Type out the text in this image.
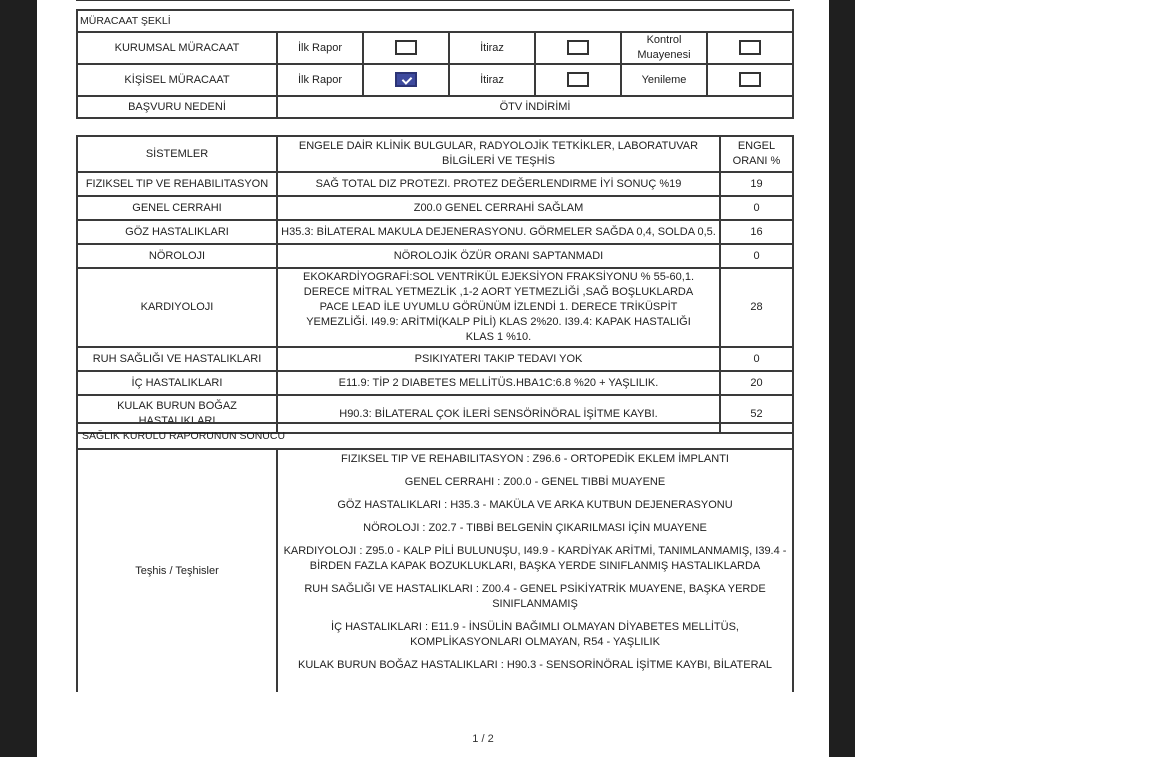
MÜRACAAT ŞEKLİ						
KURUMSAL MÜRACAAT	İlk Rapor		İtiraz		Kontrol Muayenesi	
KİŞİSEL MÜRACAAT	İlk Rapor		İtiraz		Yenileme	
BAŞVURU NEDENİ	ÖTV İNDİRİMİ					
SİSTEMLER	ENGELE DAİR KLİNİK BULGULAR, RADYOLOJİK TETKİKLER, LABORATUVAR BİLGİLERİ VE TEŞHİS	ENGEL ORANI %
FIZIKSEL TIP VE REHABILITASYON	SAĞ TOTAL DIZ PROTEZI. PROTEZ DEĞERLENDIRME İYİ SONUÇ %19	19
GENEL CERRAHI	Z00.0 GENEL CERRAHİ SAĞLAM	0
GÖZ HASTALIKLARI	H35.3: BİLATERAL MAKULA DEJENERASYONU. GÖRMELER SAĞDA 0,4, SOLDA 0,5.	16
NÖROLOJI	NÖROLOJİK ÖZÜR ORANI SAPTANMADI	0
KARDIYOLOJI	EKOKARDİYOGRAFİ:SOL VENTRİKÜL EJEKSİYON FRAKSİYONU % 55-60,1. DERECE MİTRAL YETMEZLİK ,1-2 AORT YETMEZLİĞİ ,SAĞ BOŞLUKLARDA PACE LEAD İLE UYUMLU GÖRÜNÜM İZLENDİ 1. DERECE TRİKÜSPİT YEMEZLİĞİ. I49.9: ARİTMİ(KALP PİLİ) KLAS 2%20. I39.4: KAPAK HASTALIĞI KLAS 1 %10.	28
RUH SAĞLIĞI VE HASTALIKLARI	PSIKIYATERI TAKIP TEDAVI YOK	0
İÇ HASTALIKLARI	E11.9: TİP 2 DIABETES MELLİTÜS.HBA1C:6.8 %20 + YAŞLILIK.	20
KULAK BURUN BOĞAZ HASTALIKLARI	H90.3: BİLATERAL ÇOK İLERİ SENSÖRİNÖRAL İŞİTME KAYBI.	52
SAĞLIK KURULU RAPORUNUN SONUCU
Teşhis / Teşhisler	
FIZIKSEL TIP VE REHABILITASYON : Z96.6 - ORTOPEDİK EKLEM İMPLANTI
GENEL CERRAHI : Z00.0 - GENEL TIBBİ MUAYENE
GÖZ HASTALIKLARI : H35.3 - MAKÜLA VE ARKA KUTBUN DEJENERASYONU
NÖROLOJI : Z02.7 - TIBBİ BELGENİN ÇIKARILMASI İÇİN MUAYENE
KARDIYOLOJI : Z95.0 - KALP PİLİ BULUNUŞU, I49.9 - KARDİYAK ARİTMİ, TANIMLANMAMIŞ, I39.4 - BİRDEN FAZLA KAPAK BOZUKLUKLARI, BAŞKA YERDE SINIFLANMIŞ HASTALIKLARDA
RUH SAĞLIĞI VE HASTALIKLARI : Z00.4 - GENEL PSİKİYATRİK MUAYENE, BAŞKA YERDE SINIFLANMAMIŞ
İÇ HASTALIKLARI : E11.9 - İNSÜLİN BAĞIMLI OLMAYAN DİYABETES MELLİTÜS, KOMPLİKASYONLARI OLMAYAN, R54 - YAŞLILIK
KULAK BURUN BOĞAZ HASTALIKLARI : H90.3 - SENSORİNÖRAL İŞİTME KAYBI, BİLATERAL
1 / 2
